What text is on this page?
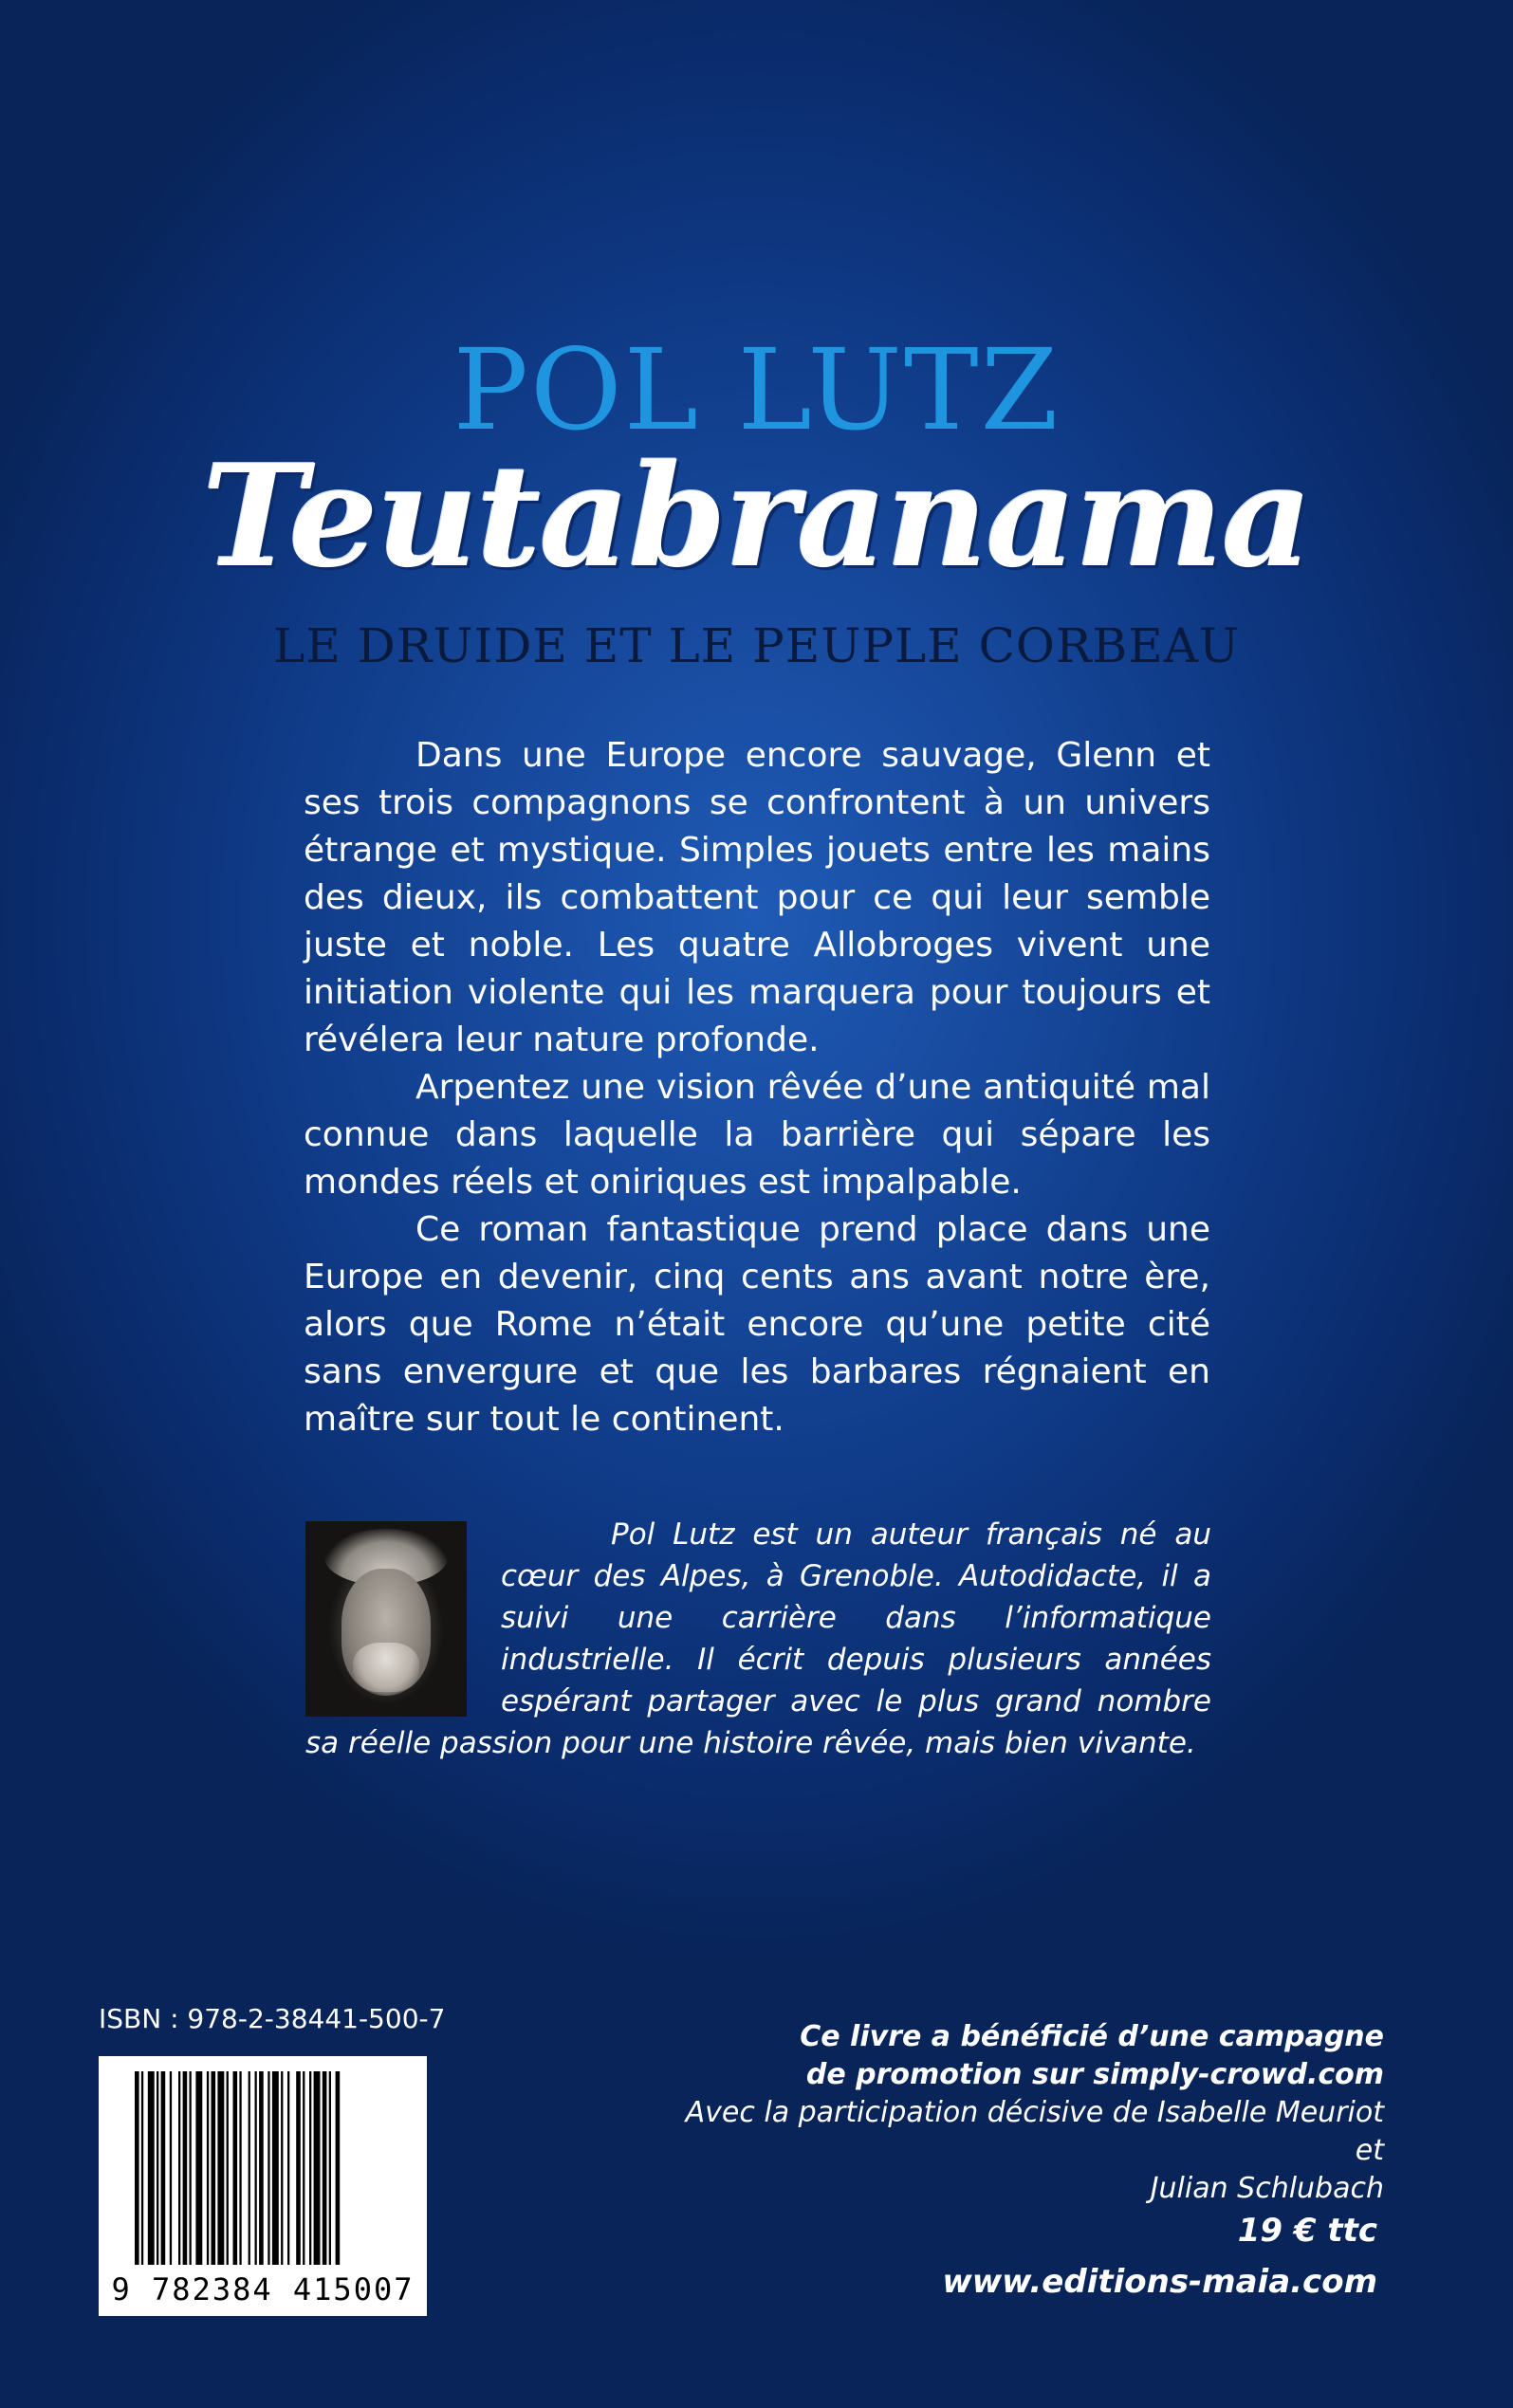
POL LUTZ
Teutabranama
LE DRUIDE ET LE PEUPLE CORBEAU

Dans une Europe encore sauvage, Glenn et ses trois compagnons se confrontent à un univers étrange et mystique. Simples jouets entre les mains des dieux, ils combattent pour ce qui leur semble juste et noble. Les quatre Allobroges vivent une initiation violente qui les marquera pour toujours et révélera leur nature profonde.

Arpentez une vision rêvée d’une antiquité mal connue dans laquelle la barrière qui sépare les mondes réels et oniriques est impalpable.

Ce roman fantastique prend place dans une Europe en devenir, cinq cents ans avant notre ère, alors que Rome n’était encore qu’une petite cité sans envergure et que les barbares régnaient en maître sur tout le continent.

Pol Lutz est un auteur français né au cœur des Alpes, à Grenoble. Autodidacte, il a suivi une carrière dans l’informatique industrielle. Il écrit depuis plusieurs années espérant partager avec le plus grand nombre sa réelle passion pour une histoire rêvée, mais bien vivante.

ISBN : 978-2-38441-500-7
9 782384 415007
Ce livre a bénéficié d’une campagne
de promotion sur simply-crowd.com
Avec la participation décisive de Isabelle Meuriot et
Julian Schlubach
19 € ttc
www.editions-maia.com
